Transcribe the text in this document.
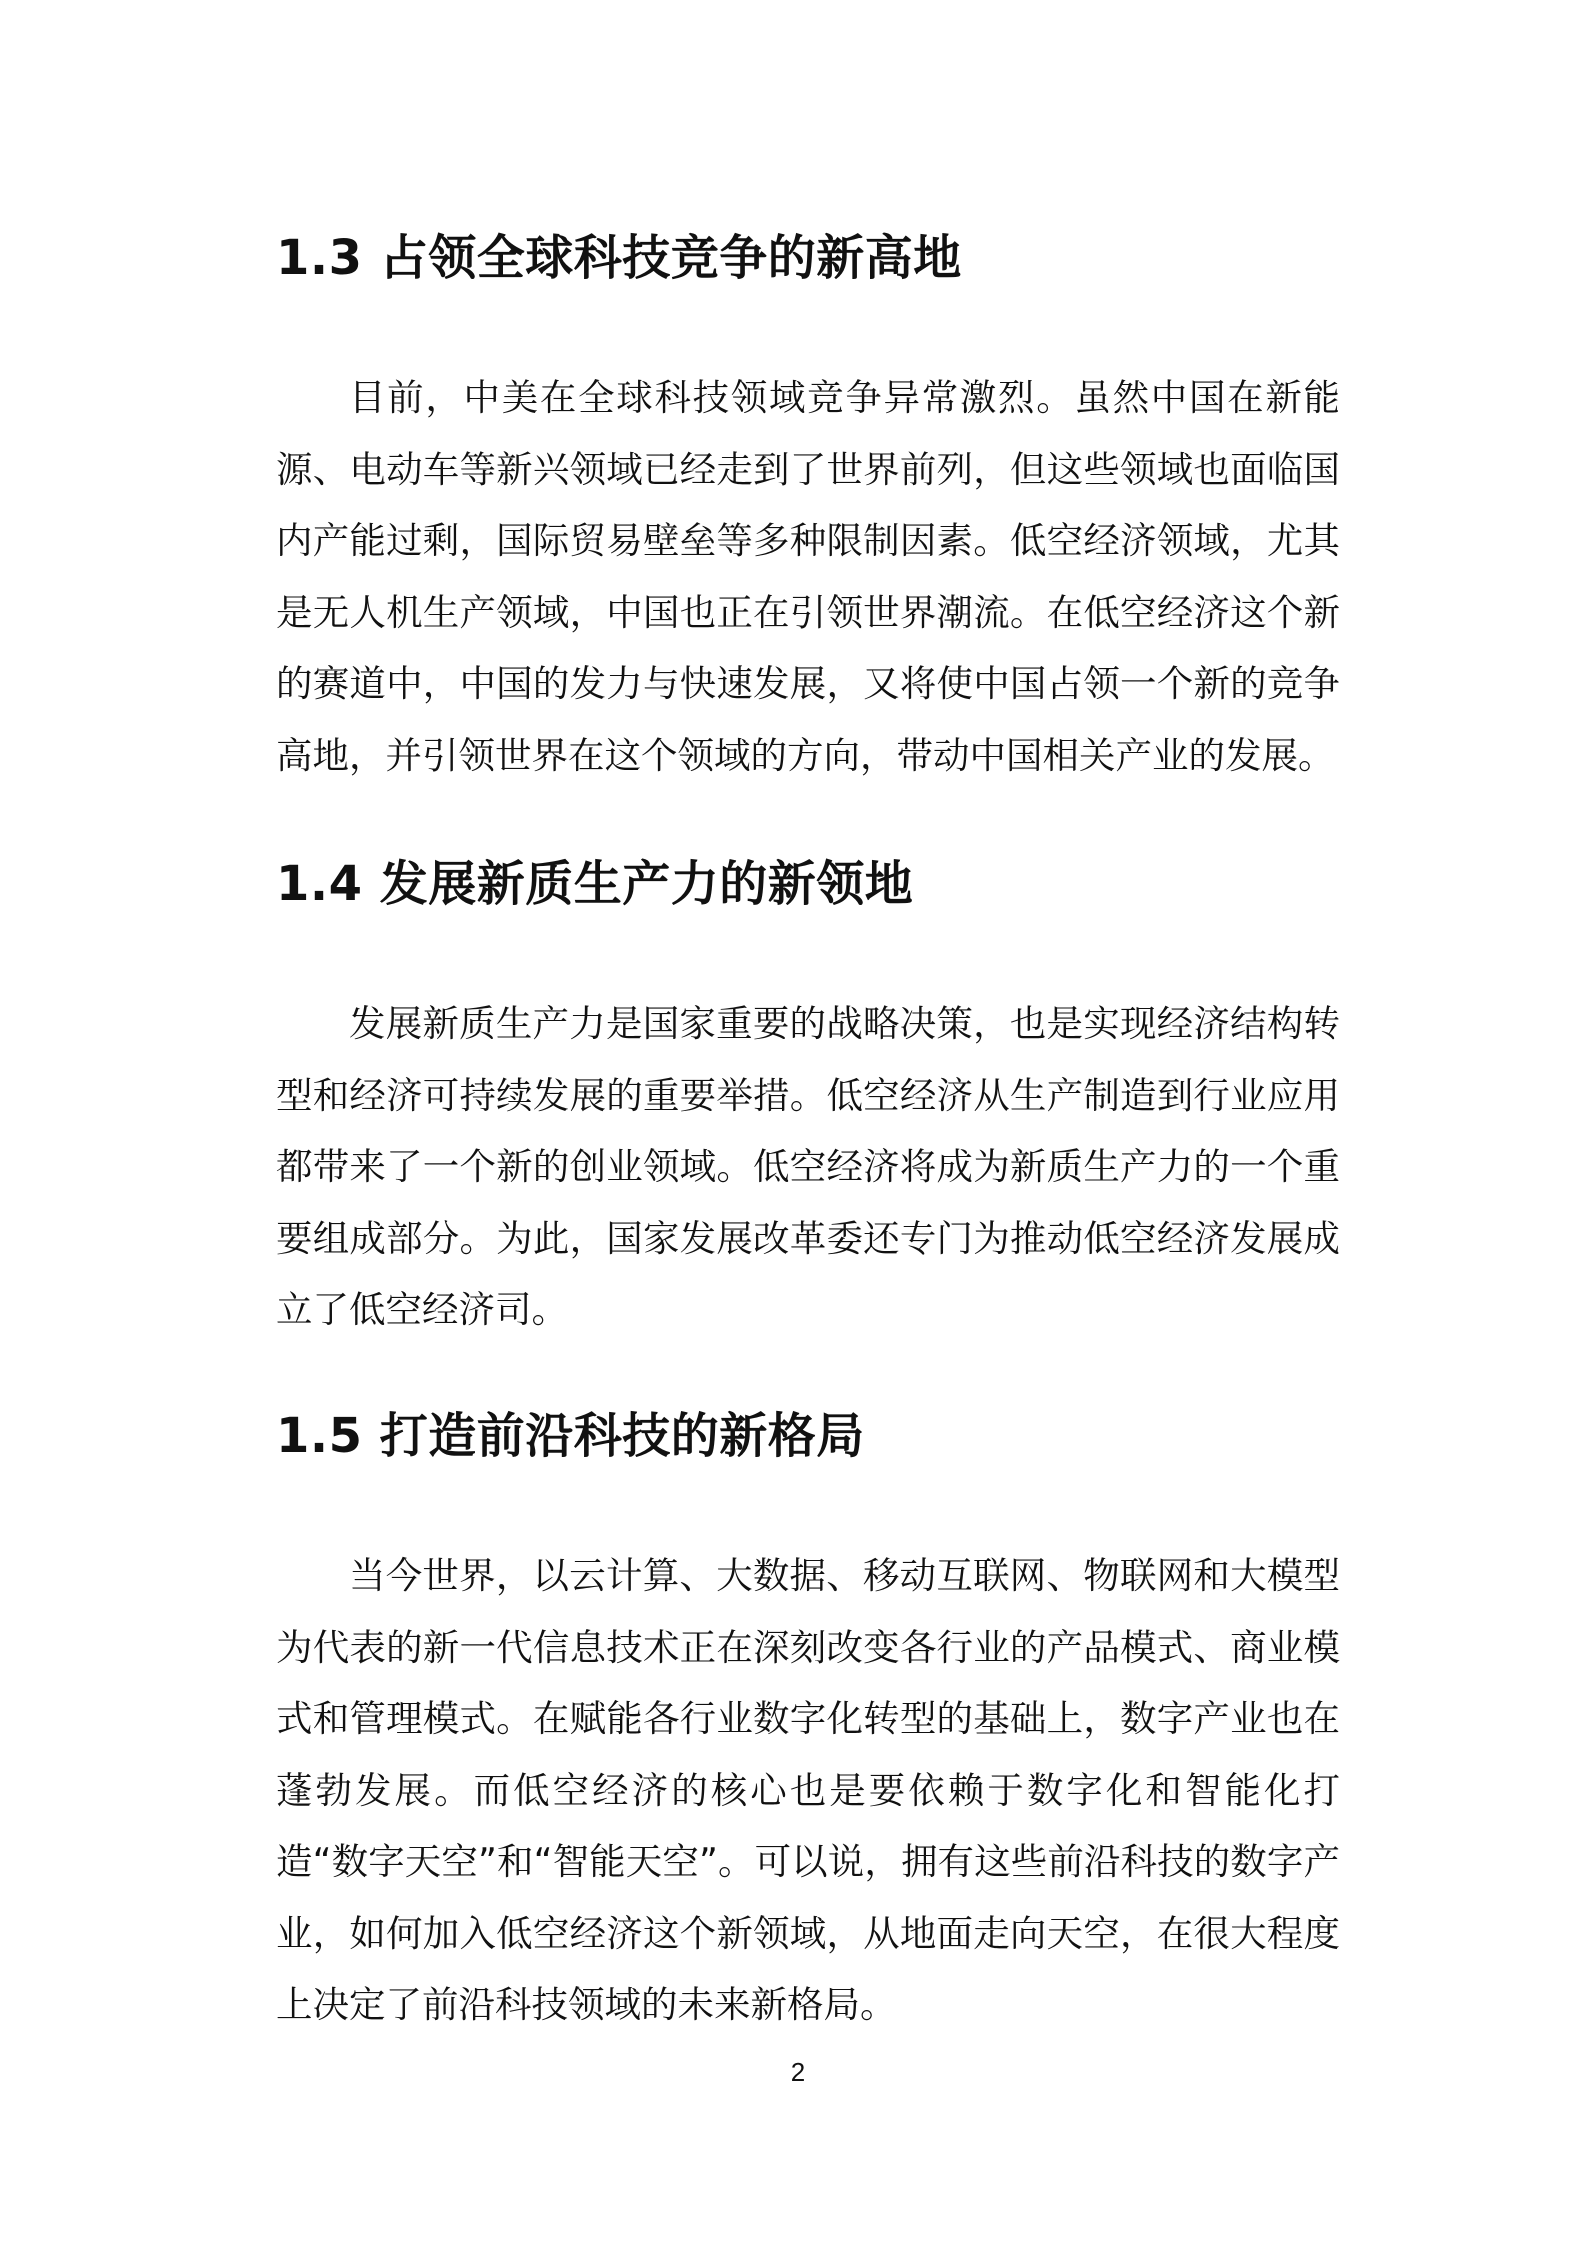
1.3 占领全球科技竞争的新高地

目前，中美在全球科技领域竞争异常激烈。虽然中国在新能源、电动车等新兴领域已经走到了世界前列，但这些领域也面临国内产能过剩，国际贸易壁垒等多种限制因素。低空经济领域，尤其是无人机生产领域，中国也正在引领世界潮流。在低空经济这个新的赛道中，中国的发力与快速发展，又将使中国占领一个新的竞争高地，并引领世界在这个领域的方向，带动中国相关产业的发展。

1.4 发展新质生产力的新领地

发展新质生产力是国家重要的战略决策，也是实现经济结构转型和经济可持续发展的重要举措。低空经济从生产制造到行业应用都带来了一个新的创业领域。低空经济将成为新质生产力的一个重要组成部分。为此，国家发展改革委还专门为推动低空经济发展成立了低空经济司。

1.5 打造前沿科技的新格局

当今世界，以云计算、大数据、移动互联网、物联网和大模型为代表的新一代信息技术正在深刻改变各行业的产品模式、商业模式和管理模式。在赋能各行业数字化转型的基础上，数字产业也在蓬勃发展。而低空经济的核心也是要依赖于数字化和智能化打造“数字天空”和“智能天空”。可以说，拥有这些前沿科技的数字产业，如何加入低空经济这个新领域，从地面走向天空，在很大程度上决定了前沿科技领域的未来新格局。

2
